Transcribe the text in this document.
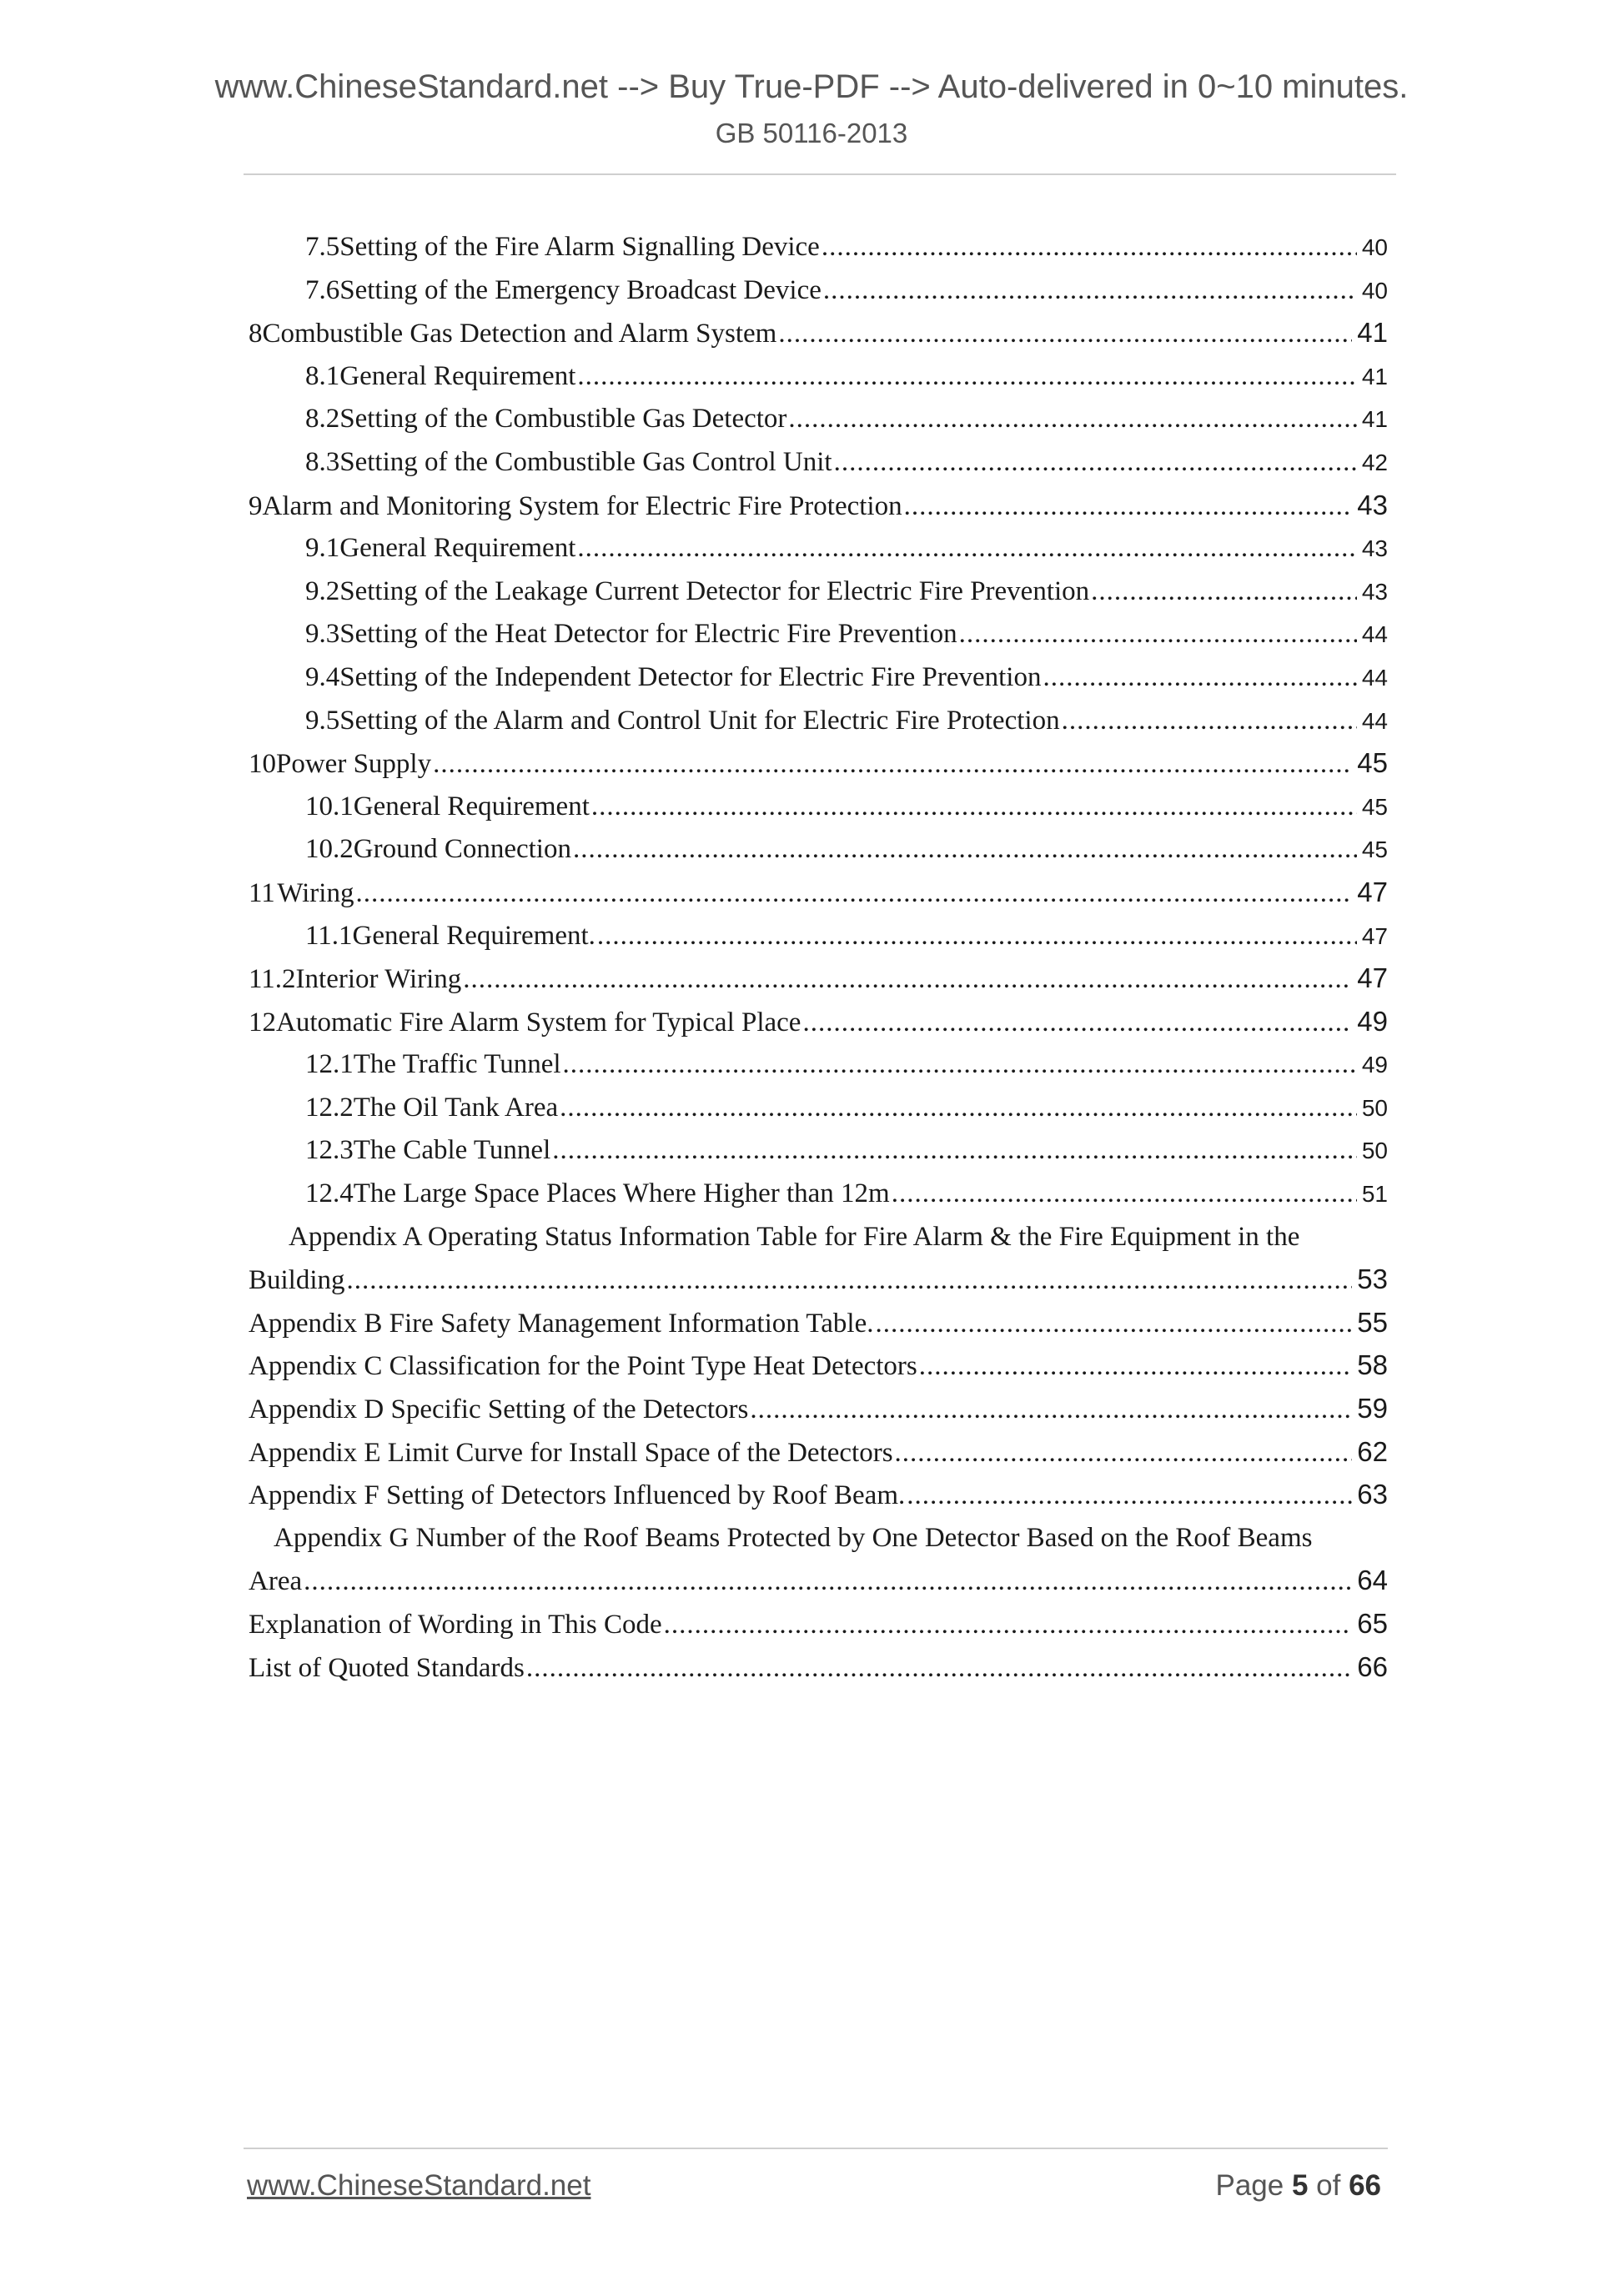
www.ChineseStandard.net --> Buy True-PDF --> Auto-delivered in 0~10 minutes.
GB 50116-2013
7.5 Setting of the Fire Alarm Signalling Device .....	40
7.6 Setting of the Emergency Broadcast Device .....	40
8 Combustible Gas Detection and Alarm System .....	41
8.1 General Requirement .....	41
8.2 Setting of the Combustible Gas Detector .....	41
8.3 Setting of the Combustible Gas Control Unit .....	42
9 Alarm and Monitoring System for Electric Fire Protection .....	43
9.1 General Requirement .....	43
9.2 Setting of the Leakage Current Detector for Electric Fire Prevention .....	43
9.3 Setting of the Heat Detector for Electric Fire Prevention .....	44
9.4 Setting of the Independent Detector for Electric Fire Prevention .....	44
9.5 Setting of the Alarm and Control Unit for Electric Fire Protection .....	44
10 Power Supply .....	45
10.1 General Requirement .....	45
10.2 Ground Connection .....	45
11 Wiring .....	47
11.1 General Requirement. .....	47
11.2 Interior Wiring .....	47
12 Automatic Fire Alarm System for Typical Place .....	49
12.1 The Traffic Tunnel .....	49
12.2 The Oil Tank Area .....	50
12.3 The Cable Tunnel .....	50
12.4 The Large Space Places Where Higher than 12m .....	51
Appendix A Operating Status Information Table for Fire Alarm & the Fire Equipment in the
Building .....	53
Appendix B Fire Safety Management Information Table. .....	55
Appendix C Classification for the Point Type Heat Detectors .....	58
Appendix D Specific Setting of the Detectors .....	59
Appendix E Limit Curve for Install Space of the Detectors .....	62
Appendix F Setting of Detectors Influenced by Roof Beam. .....	63
Appendix G Number of the Roof Beams Protected by One Detector Based on the Roof Beams
Area .....	64
Explanation of Wording in This Code .....	65
List of Quoted Standards .....	66
www.ChineseStandard.net	Page 5 of 66
